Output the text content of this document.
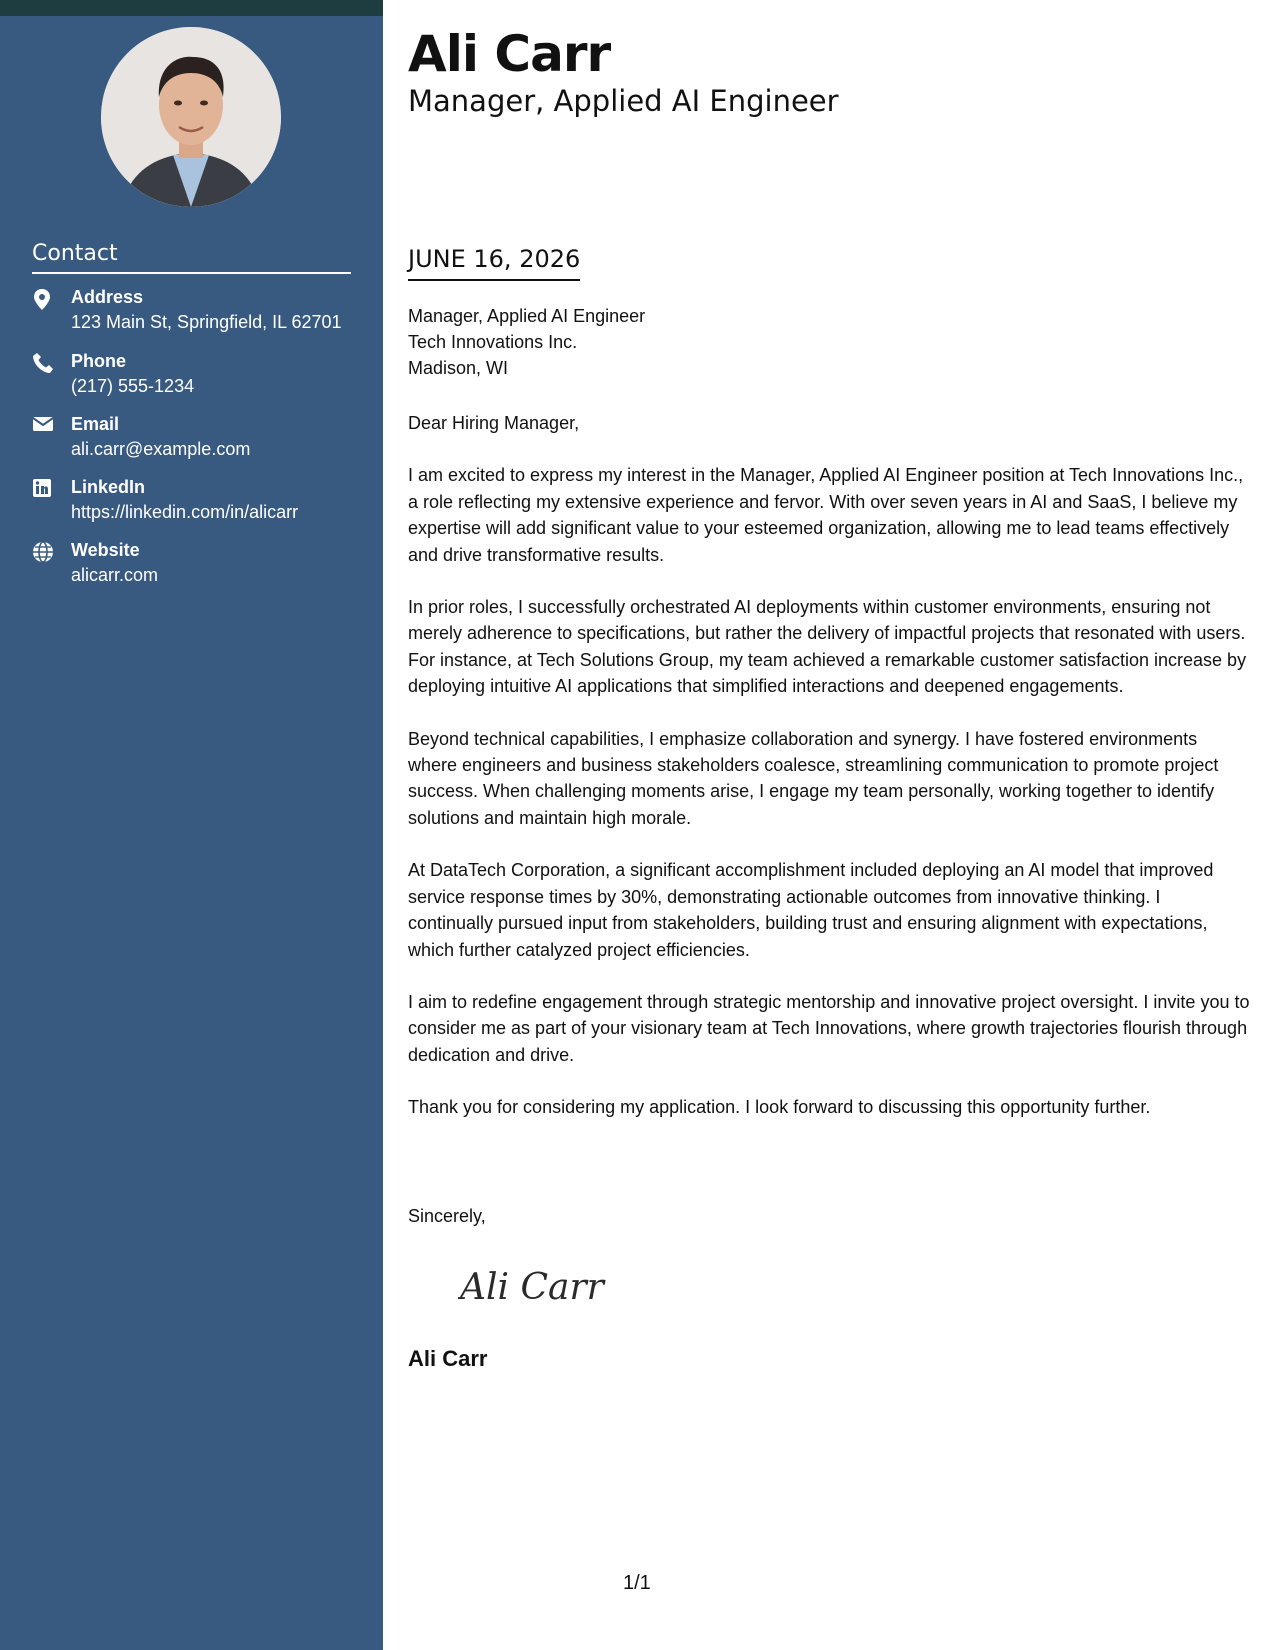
Contact
Address
123 Main St, Springfield, IL 62701
Phone
(217) 555-1234
Email
ali.carr@example.com
LinkedIn
https://linkedin.com/in/alicarr
Website
alicarr.com
Ali Carr
Manager, Applied AI Engineer
JUNE 16, 2026
Manager, Applied AI Engineer
Tech Innovations Inc.
Madison, WI

Dear Hiring Manager,

I am excited to express my interest in the Manager, Applied AI Engineer position at Tech Innovations Inc., a role reflecting my extensive experience and fervor. With over seven years in AI and SaaS, I believe my expertise will add significant value to your esteemed organization, allowing me to lead teams effectively and drive transformative results.

In prior roles, I successfully orchestrated AI deployments within customer environments, ensuring not merely adherence to specifications, but rather the delivery of impactful projects that resonated with users. For instance, at Tech Solutions Group, my team achieved a remarkable customer satisfaction increase by deploying intuitive AI applications that simplified interactions and deepened engagements.

Beyond technical capabilities, I emphasize collaboration and synergy. I have fostered environments where engineers and business stakeholders coalesce, streamlining communication to promote project success. When challenging moments arise, I engage my team personally, working together to identify solutions and maintain high morale.

At DataTech Corporation, a significant accomplishment included deploying an AI model that improved service response times by 30%, demonstrating actionable outcomes from innovative thinking. I continually pursued input from stakeholders, building trust and ensuring alignment with expectations, which further catalyzed project efficiencies.

I aim to redefine engagement through strategic mentorship and innovative project oversight. I invite you to consider me as part of your visionary team at Tech Innovations, where growth trajectories flourish through dedication and drive.

Thank you for considering my application. I look forward to discussing this opportunity further.

Sincerely,
Ali Carr
Ali Carr
1/1
